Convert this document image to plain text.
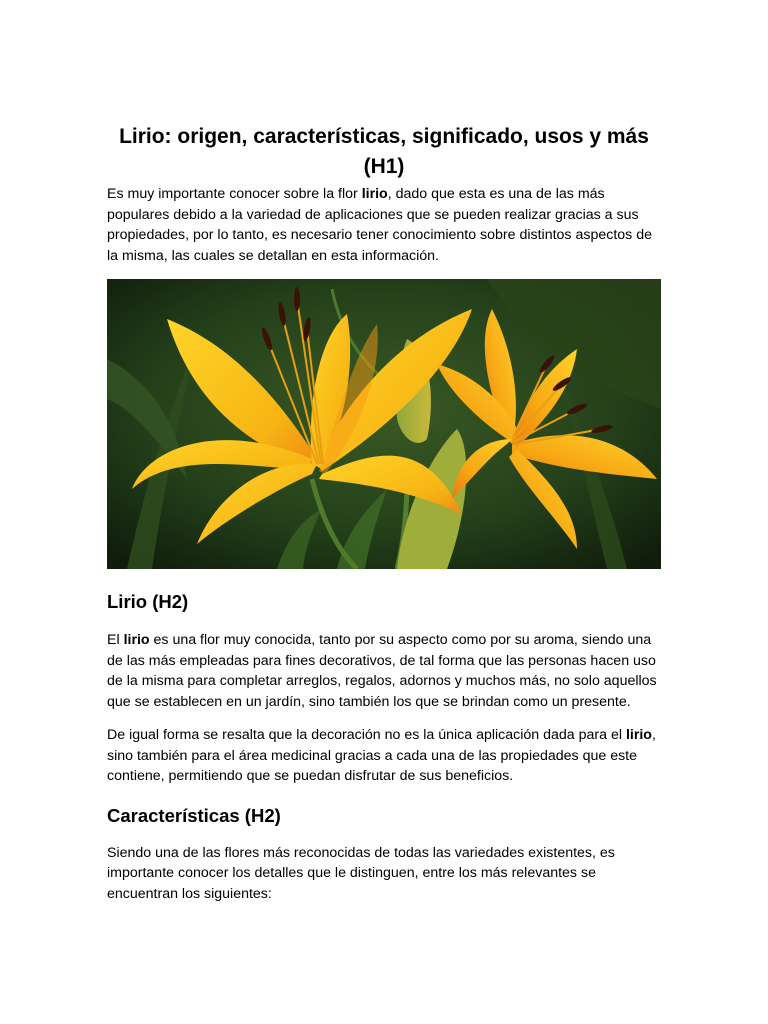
Lirio: origen, características, significado, usos y más (H1)

Es muy importante conocer sobre la flor lirio, dado que esta es una de las más populares debido a la variedad de aplicaciones que se pueden realizar gracias a sus propiedades, por lo tanto, es necesario tener conocimiento sobre distintos aspectos de la misma, las cuales se detallan en esta información.

Lirio (H2)

El lirio es una flor muy conocida, tanto por su aspecto como por su aroma, siendo una de las más empleadas para fines decorativos, de tal forma que las personas hacen uso de la misma para completar arreglos, regalos, adornos y muchos más, no solo aquellos que se establecen en un jardín, sino también los que se brindan como un presente.

De igual forma se resalta que la decoración no es la única aplicación dada para el lirio, sino también para el área medicinal gracias a cada una de las propiedades que este contiene, permitiendo que se puedan disfrutar de sus beneficios.

Características (H2)

Siendo una de las flores más reconocidas de todas las variedades existentes, es importante conocer los detalles que le distinguen, entre los más relevantes se encuentran los siguientes:
